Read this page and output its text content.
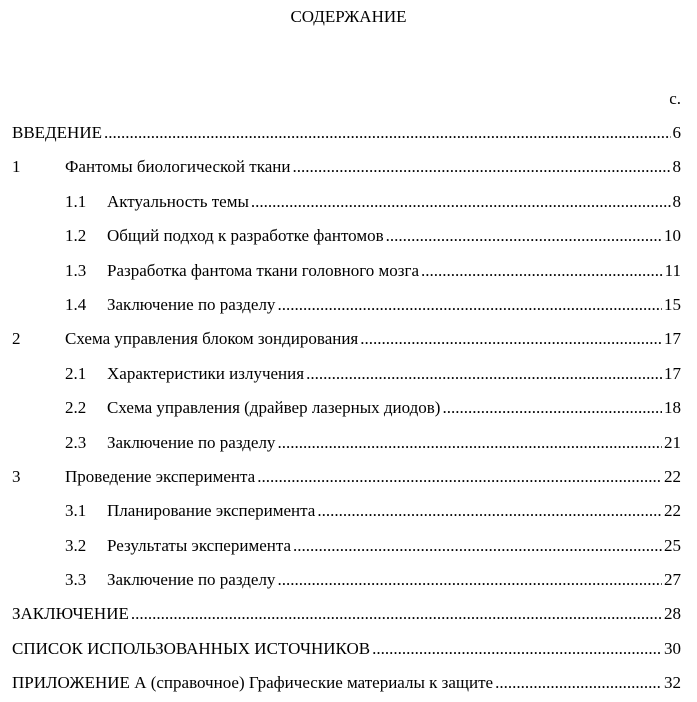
СОДЕРЖАНИЕ
с.
ВВЕДЕНИЕ .....	6
1	Фантомы биологической ткани .....	8
1.1	Актуальность темы .....	8
1.2	Общий подход к разработке фантомов .....	10
1.3	Разработка фантома ткани головного мозга .....	11
1.4	Заключение по разделу .....	15
2	Схема управления блоком зондирования .....	17
2.1	Характеристики излучения .....	17
2.2	Схема управления (драйвер лазерных диодов) .....	18
2.3	Заключение по разделу .....	21
3	Проведение эксперимента .....	22
3.1	Планирование эксперимента .....	22
3.2	Результаты эксперимента .....	25
3.3	Заключение по разделу .....	27
ЗАКЛЮЧЕНИЕ .....	28
СПИСОК ИСПОЛЬЗОВАННЫХ ИСТОЧНИКОВ .....	30
ПРИЛОЖЕНИЕ А (справочное) Графические материалы к защите .....	32
